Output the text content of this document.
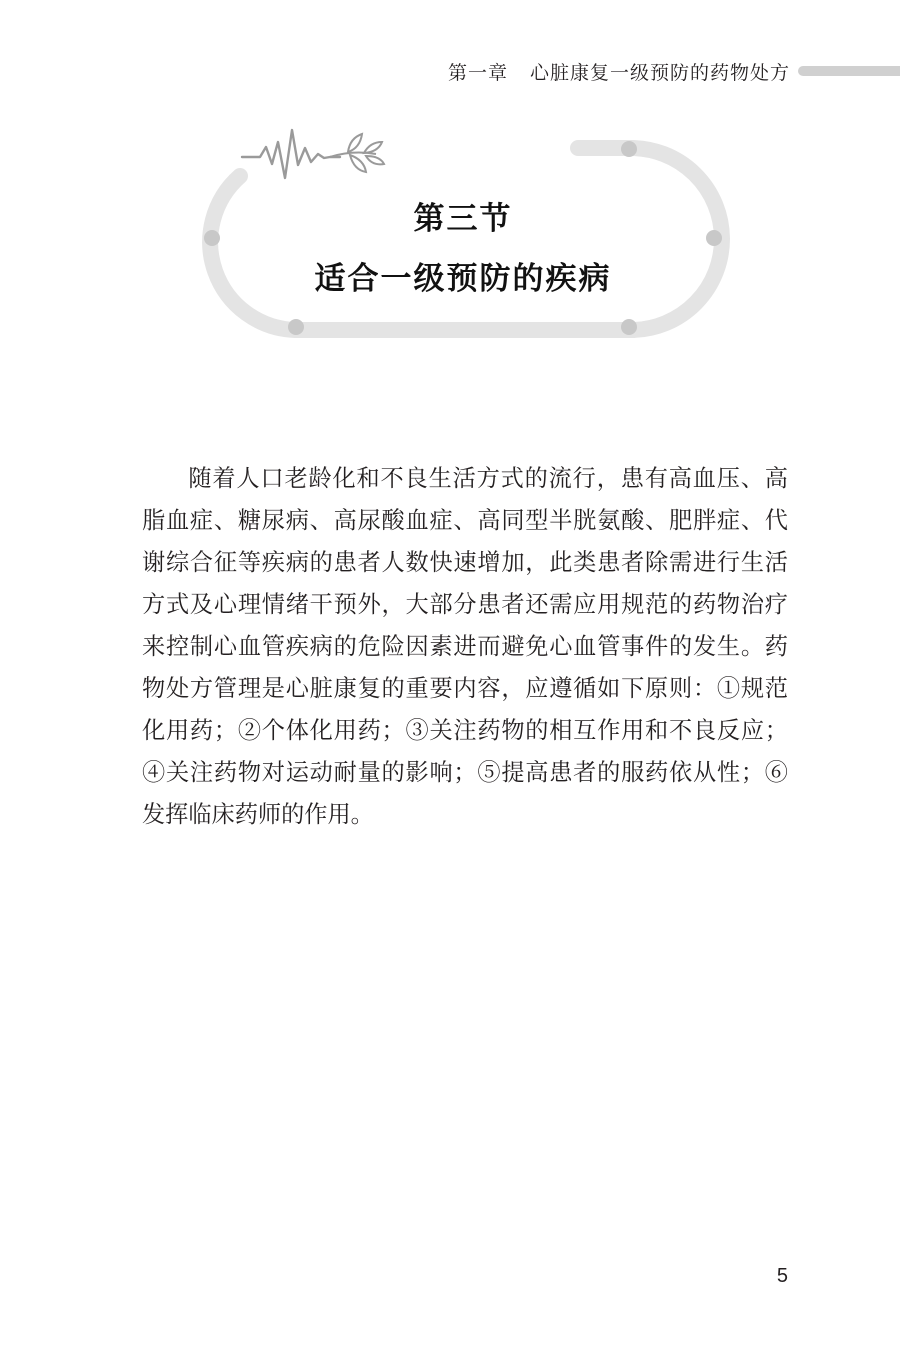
第一章 心脏康复一级预防的药物处方
第三节
适合一级预防的疾病

随着人口老龄化和不良生活方式的流行，患有高血压、高脂血症、糖尿病、高尿酸血症、高同型半胱氨酸、肥胖症、代谢综合征等疾病的患者人数快速增加，此类患者除需进行生活方式及心理情绪干预外，大部分患者还需应用规范的药物治疗来控制心血管疾病的危险因素进而避免心血管事件的发生。药物处方管理是心脏康复的重要内容，应遵循如下原则：①规范化用药；②个体化用药；③关注药物的相互作用和不良反应；④关注药物对运动耐量的影响；⑤提高患者的服药依从性；⑥发挥临床药师的作用。

5
